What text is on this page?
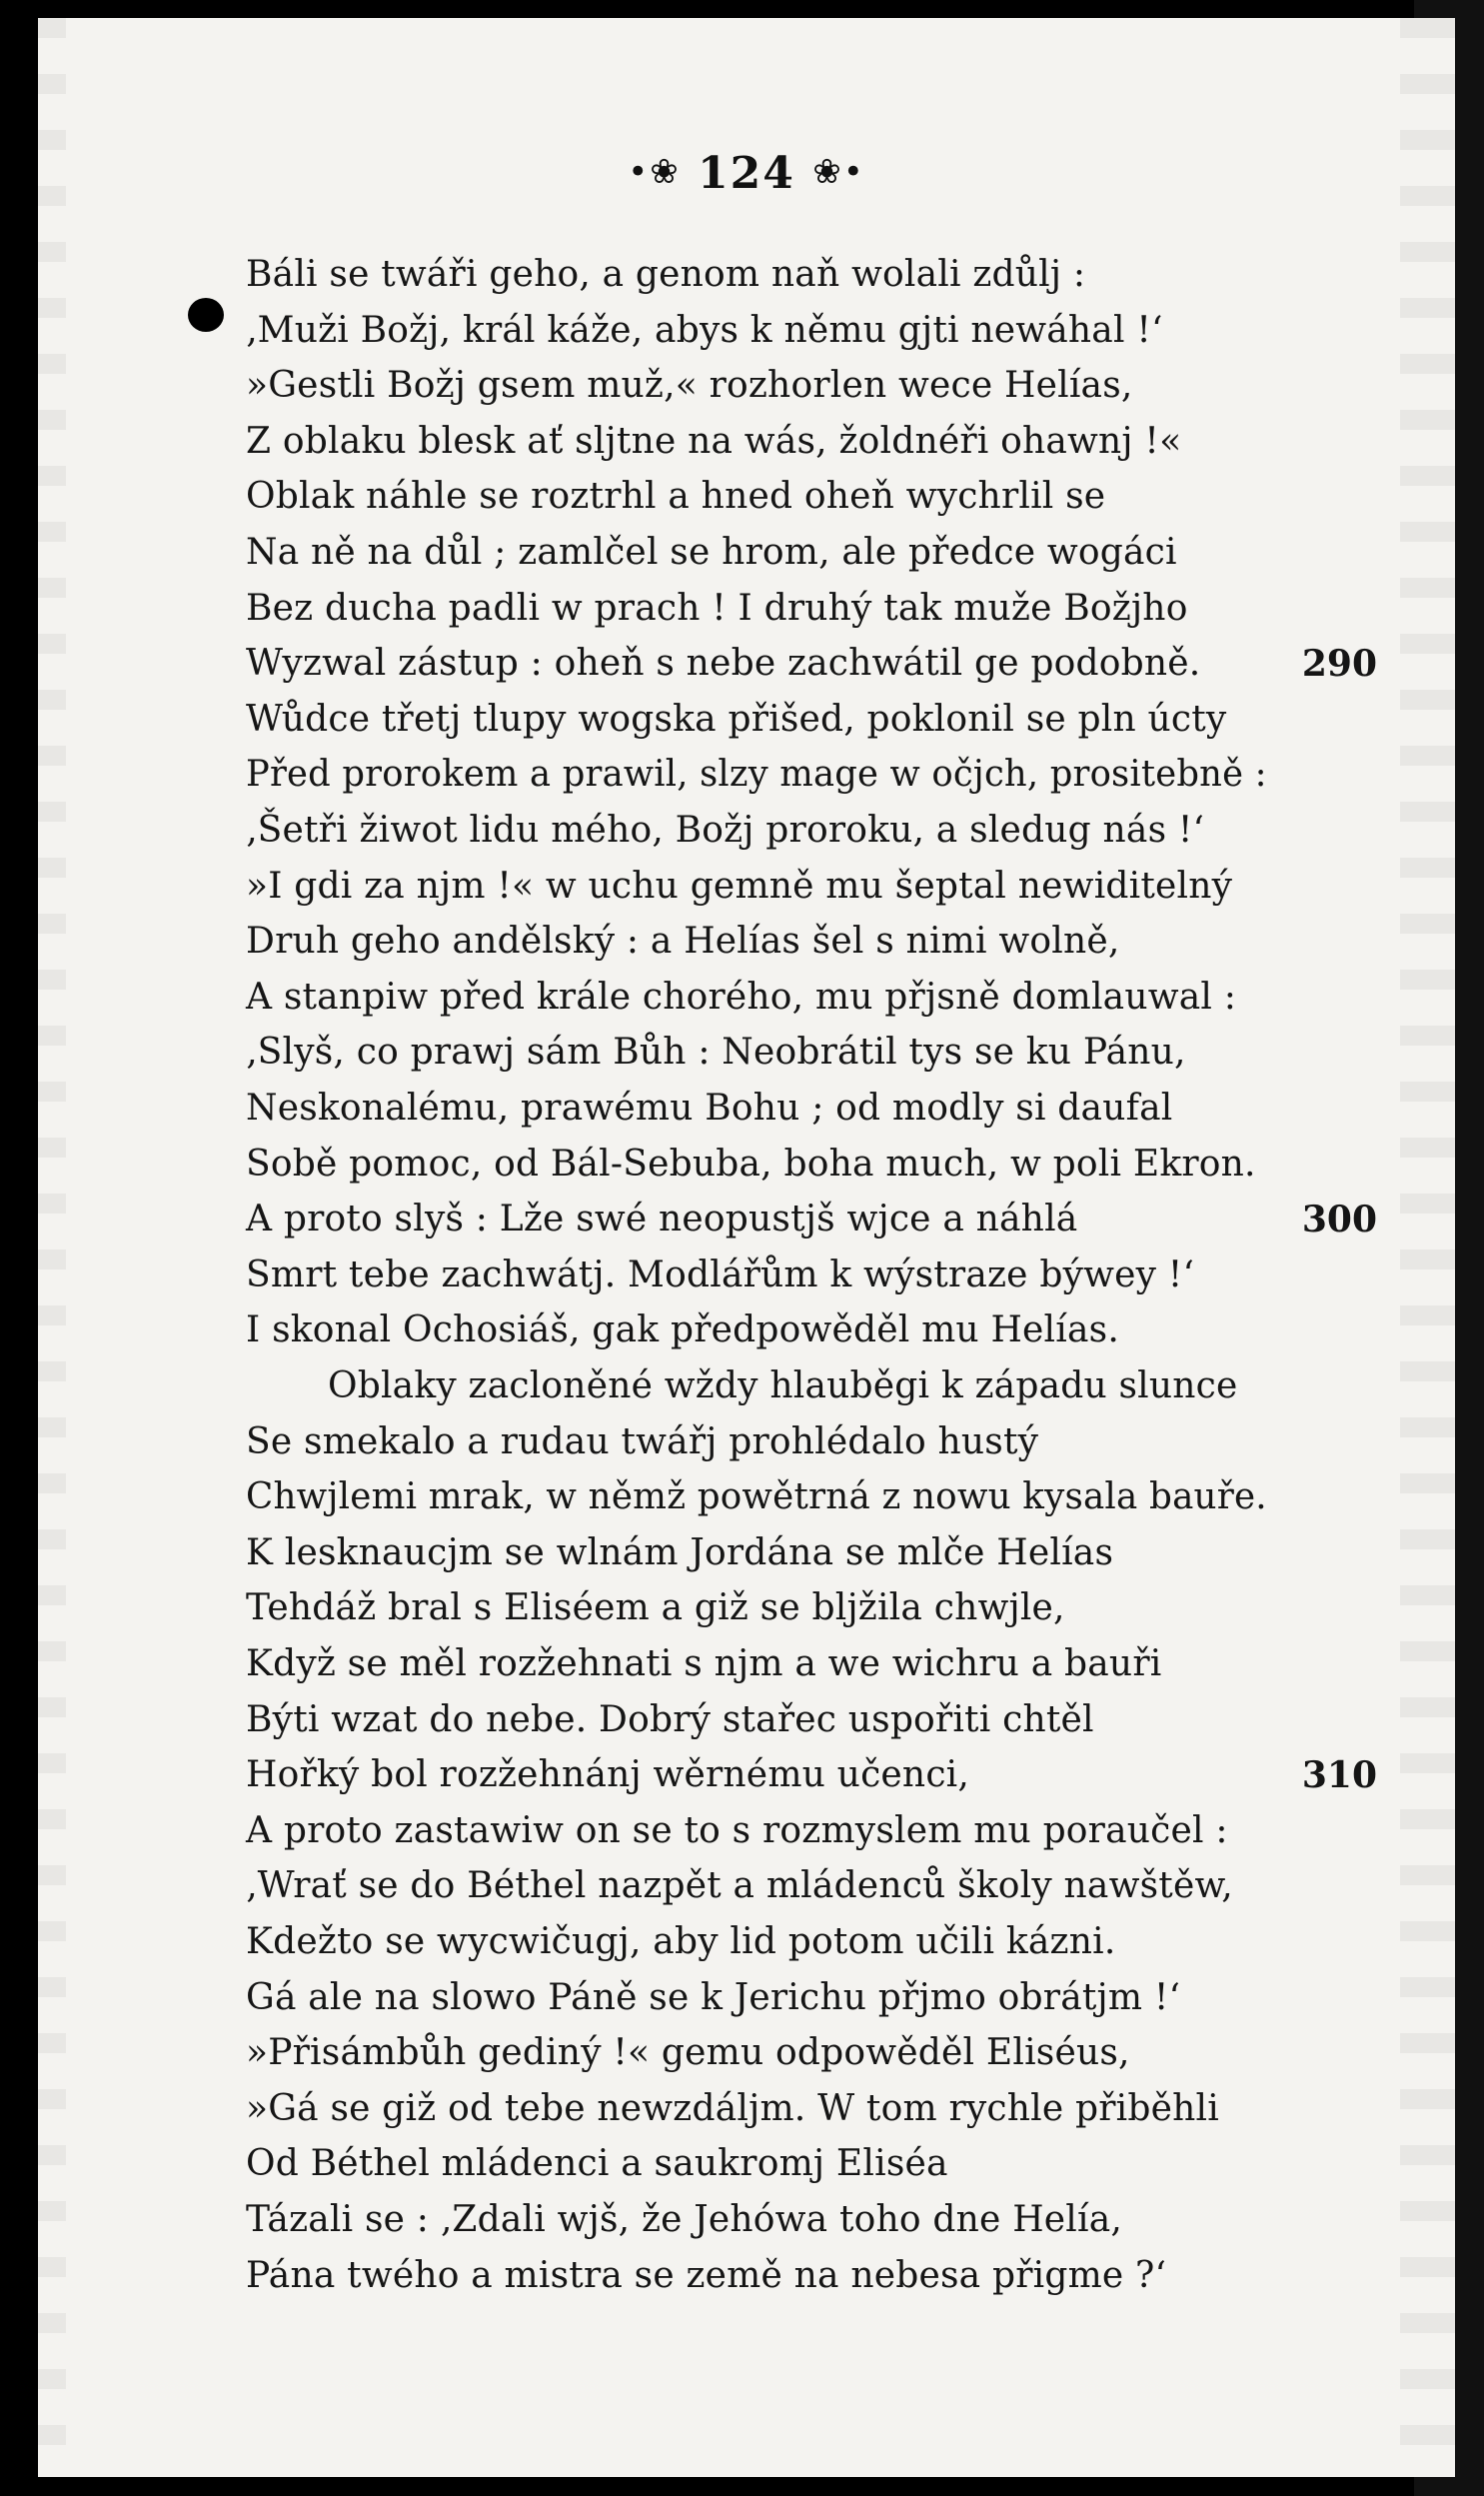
•❀ 124 ❀•
Báli se twáři geho, a genom naň wolali zdůlj :
‚Muži Božj, král káže, abys k němu gjti newáhal !‘
»Gestli Božj gsem muž,« rozhorlen wece Helías,
Z oblaku blesk ať sljtne na wás, žoldnéři ohawnj !«
Oblak náhle se roztrhl a hned oheň wychrlil se
Na ně na důl ; zamlčel se hrom, ale předce wogáci
Bez ducha padli w prach ! I druhý tak muže Božjho
Wyzwal zástup : oheň s nebe zachwátil ge podobně.	290
Wůdce třetj tlupy wogska přišed, poklonil se pln úcty
Před prorokem a prawil, slzy mage w očjch, prositebně :
‚Šetři žiwot lidu mého, Božj proroku, a sledug nás !‘
»I gdi za njm !« w uchu gemně mu šeptal newiditelný
Druh geho andělský : a Helías šel s nimi wolně,
A stanpiw před krále chorého, mu přjsně domlauwal :
‚Slyš, co prawj sám Bůh : Neobrátil tys se ku Pánu,
Neskonalému, prawému Bohu ; od modly si daufal
Sobě pomoc, od Bál-Sebuba, boha much, w poli Ekron.
A proto slyš : Lže swé neopustjš wjce a náhlá	300
Smrt tebe zachwátj. Modlářům k wýstraze býwey !‘
I skonal Ochosiáš, gak předpowěděl mu Helías.
Oblaky zacloněné wždy hlauběgi k západu slunce
Se smekalo a rudau twářj prohlédalo hustý
Chwjlemi mrak, w němž powětrná z nowu kysala bauře.
K lesknaucjm se wlnám Jordána se mlče Helías
Tehdáž bral s Eliséem a giž se bljžila chwjle,
Když se měl rozžehnati s njm a we wichru a bauři
Býti wzat do nebe. Dobrý stařec uspořiti chtěl
Hořký bol rozžehnánj wěrnému učenci,	310
A proto zastawiw on se to s rozmyslem mu poraučel :
‚Wrať se do Béthel nazpět a mládenců školy nawštěw,
Kdežto se wycwičugj, aby lid potom učili kázni.
Gá ale na slowo Páně se k Jerichu přjmo obrátjm !‘
»Přisámbůh gediný !« gemu odpowěděl Eliséus,
»Gá se giž od tebe newzdáljm. W tom rychle přiběhli
Od Béthel mládenci a saukromj Eliséa
Tázali se : ‚Zdali wjš, že Jehówa toho dne Helía,
Pána twého a mistra se země na nebesa přigme ?‘
